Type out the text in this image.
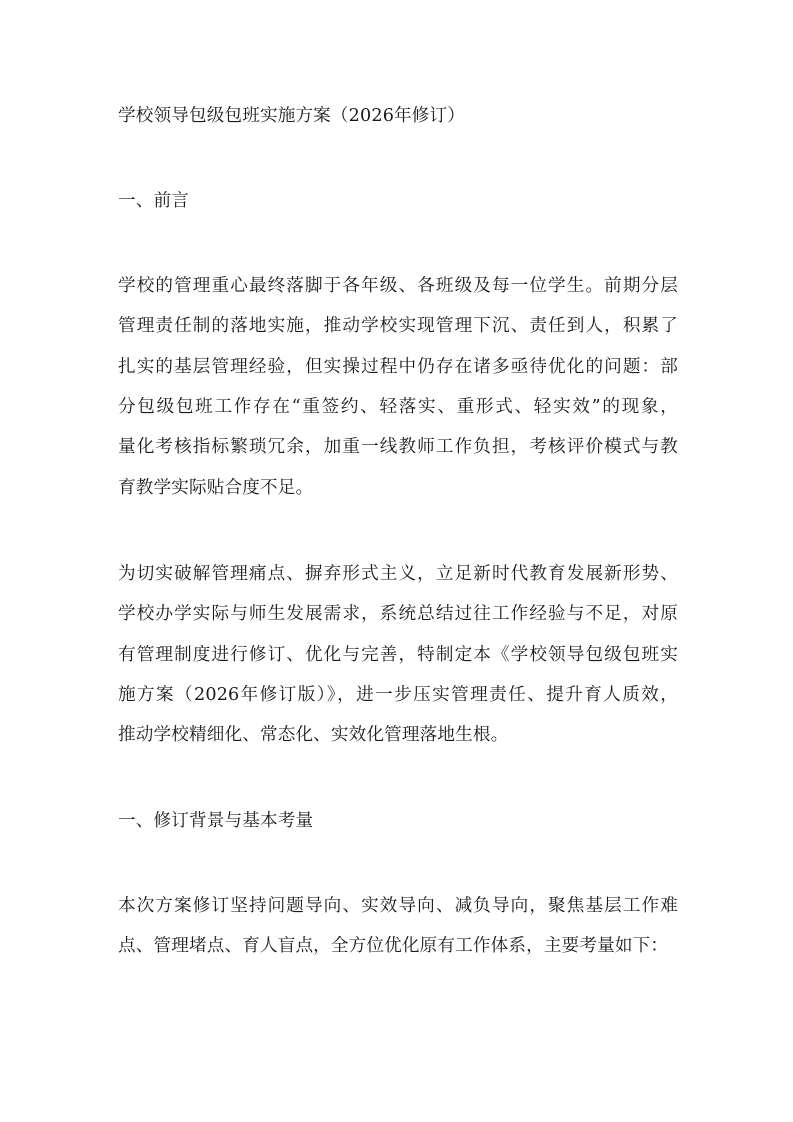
学校领导包级包班实施方案（2026年修订）
一、前言
学校的管理重心最终落脚于各年级、各班级及每一位学生。前期分层
管理责任制的落地实施，推动学校实现管理下沉、责任到人，积累了
扎实的基层管理经验，但实操过程中仍存在诸多亟待优化的问题：部
分包级包班工作存在“重签约、轻落实、重形式、轻实效”的现象，
量化考核指标繁琐冗余，加重一线教师工作负担，考核评价模式与教
育教学实际贴合度不足。
为切实破解管理痛点、摒弃形式主义，立足新时代教育发展新形势、
学校办学实际与师生发展需求，系统总结过往工作经验与不足，对原
有管理制度进行修订、优化与完善，特制定本《学校领导包级包班实
施方案（2026年修订版）》，进一步压实管理责任、提升育人质效，
推动学校精细化、常态化、实效化管理落地生根。
一、修订背景与基本考量
本次方案修订坚持问题导向、实效导向、减负导向，聚焦基层工作难
点、管理堵点、育人盲点，全方位优化原有工作体系，主要考量如下：
